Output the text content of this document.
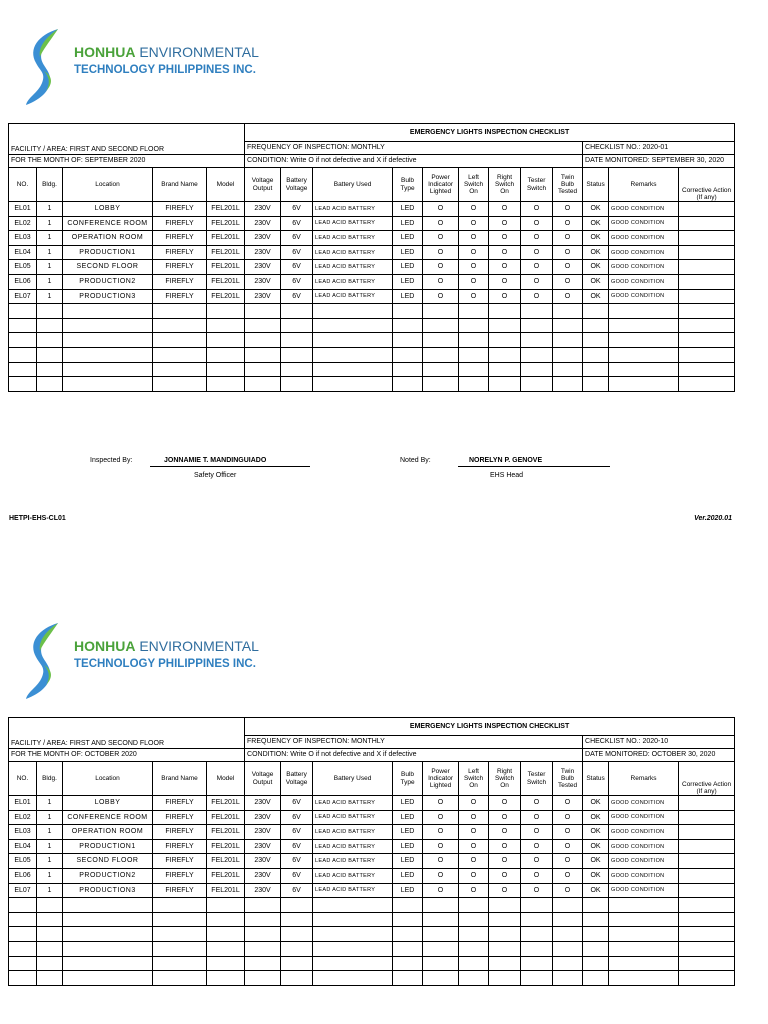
HONHUA ENVIRONMENTAL
TECHNOLOGY PHILIPPINES INC.
FACILITY / AREA: FIRST AND SECOND FLOOR					EMERGENCY LIGHTS INSPECTION CHECKLIST											
					FREQUENCY OF INSPECTION: MONTHLY									CHECKLIST NO.: 2020-01		
FOR THE MONTH OF: SEPTEMBER 2020					CONDITION: Write O if not defective and X if defective									DATE MONITORED: SEPTEMBER 30, 2020		
NO.	Bldg.	Location	Brand Name	Model	Voltage Output	Battery Voltage	Battery Used	Bulb Type	Power Indicator Lighted	Left Switch On	Right Switch On	Tester Switch	Twin Bulb Tested	Status	Remarks	Corrective Action (If any)
EL01	1	LOBBY	FIREFLY	FEL201L	230V	6V	LEAD ACID BATTERY	LED	O	O	O	O	O	OK	GOOD CONDITION	
EL02	1	CONFERENCE ROOM	FIREFLY	FEL201L	230V	6V	LEAD ACID BATTERY	LED	O	O	O	O	O	OK	GOOD CONDITION	
EL03	1	OPERATION ROOM	FIREFLY	FEL201L	230V	6V	LEAD ACID BATTERY	LED	O	O	O	O	O	OK	GOOD CONDITION	
EL04	1	PRODUCTION1	FIREFLY	FEL201L	230V	6V	LEAD ACID BATTERY	LED	O	O	O	O	O	OK	GOOD CONDITION	
EL05	1	SECOND FLOOR	FIREFLY	FEL201L	230V	6V	LEAD ACID BATTERY	LED	O	O	O	O	O	OK	GOOD CONDITION	
EL06	1	PRODUCTION2	FIREFLY	FEL201L	230V	6V	LEAD ACID BATTERY	LED	O	O	O	O	O	OK	GOOD CONDITION	
EL07	1	PRODUCTION3	FIREFLY	FEL201L	230V	6V	LEAD ACID BATTERY	LED	O	O	O	O	O	OK	GOOD CONDITION	

Inspected By:	JONNAMIE T. MANDINGUIADO
Safety Officer
Noted By:	NORELYN P. GENOVE
EHS Head
HETPI-EHS-CL01	Ver.2020.01
HONHUA ENVIRONMENTAL
TECHNOLOGY PHILIPPINES INC.
FACILITY / AREA: FIRST AND SECOND FLOOR					EMERGENCY LIGHTS INSPECTION CHECKLIST											
					FREQUENCY OF INSPECTION: MONTHLY									CHECKLIST NO.: 2020-10		
FOR THE MONTH OF: OCTOBER 2020					CONDITION: Write O if not defective and X if defective									DATE MONITORED: OCTOBER 30, 2020		
NO.	Bldg.	Location	Brand Name	Model	Voltage Output	Battery Voltage	Battery Used	Bulb Type	Power Indicator Lighted	Left Switch On	Right Switch On	Tester Switch	Twin Bulb Tested	Status	Remarks	Corrective Action (If any)
EL01	1	LOBBY	FIREFLY	FEL201L	230V	6V	LEAD ACID BATTERY	LED	O	O	O	O	O	OK	GOOD CONDITION	
EL02	1	CONFERENCE ROOM	FIREFLY	FEL201L	230V	6V	LEAD ACID BATTERY	LED	O	O	O	O	O	OK	GOOD CONDITION	
EL03	1	OPERATION ROOM	FIREFLY	FEL201L	230V	6V	LEAD ACID BATTERY	LED	O	O	O	O	O	OK	GOOD CONDITION	
EL04	1	PRODUCTION1	FIREFLY	FEL201L	230V	6V	LEAD ACID BATTERY	LED	O	O	O	O	O	OK	GOOD CONDITION	
EL05	1	SECOND FLOOR	FIREFLY	FEL201L	230V	6V	LEAD ACID BATTERY	LED	O	O	O	O	O	OK	GOOD CONDITION	
EL06	1	PRODUCTION2	FIREFLY	FEL201L	230V	6V	LEAD ACID BATTERY	LED	O	O	O	O	O	OK	GOOD CONDITION	
EL07	1	PRODUCTION3	FIREFLY	FEL201L	230V	6V	LEAD ACID BATTERY	LED	O	O	O	O	O	OK	GOOD CONDITION	
